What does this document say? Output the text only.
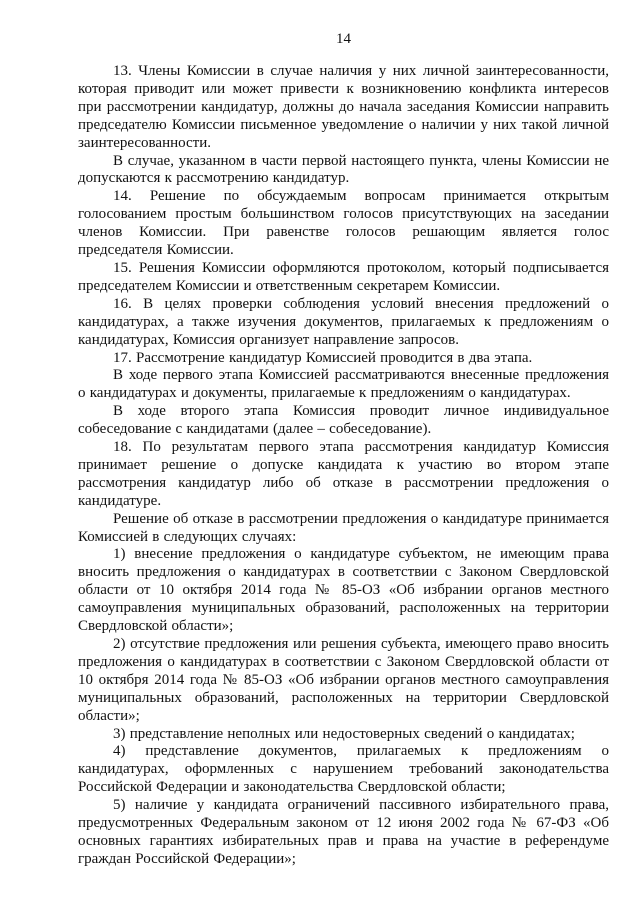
14

13. Члены Комиссии в случае наличия у них личной заинтересованности, которая приводит или может привести к возникновению конфликта интересов при рассмотрении кандидатур, должны до начала заседания Комиссии направить председателю Комиссии письменное уведомление о наличии у них такой личной заинтересованности.

В случае, указанном в части первой настоящего пункта, члены Комиссии не допускаются к рассмотрению кандидатур.

14. Решение по обсуждаемым вопросам принимается открытым голосованием простым большинством голосов присутствующих на заседании членов Комиссии. При равенстве голосов решающим является голос председателя Комиссии.

15. Решения Комиссии оформляются протоколом, который подписывается председателем Комиссии и ответственным секретарем Комиссии.

16. В целях проверки соблюдения условий внесения предложений о кандидатурах, а также изучения документов, прилагаемых к предложениям о кандидатурах, Комиссия организует направление запросов.

17. Рассмотрение кандидатур Комиссией проводится в два этапа.

В ходе первого этапа Комиссией рассматриваются внесенные предложения о кандидатурах и документы, прилагаемые к предложениям о кандидатурах.

В ходе второго этапа Комиссия проводит личное индивидуальное собеседование с кандидатами (далее – собеседование).

18. По результатам первого этапа рассмотрения кандидатур Комиссия принимает решение о допуске кандидата к участию во втором этапе рассмотрения кандидатур либо об отказе в рассмотрении предложения о кандидатуре.

Решение об отказе в рассмотрении предложения о кандидатуре принимается Комиссией в следующих случаях:

1) внесение предложения о кандидатуре субъектом, не имеющим права вносить предложения о кандидатурах в соответствии с Законом Свердловской области от 10 октября 2014 года № 85-ОЗ «Об избрании органов местного самоуправления муниципальных образований, расположенных на территории Свердловской области»;

2) отсутствие предложения или решения субъекта, имеющего право вносить предложения о кандидатурах в соответствии с Законом Свердловской области от 10 октября 2014 года № 85-ОЗ «Об избрании органов местного самоуправления муниципальных образований, расположенных на территории Свердловской области»;

3) представление неполных или недостоверных сведений о кандидатах;

4) представление документов, прилагаемых к предложениям о кандидатурах, оформленных с нарушением требований законодательства Российской Федерации и законодательства Свердловской области;

5) наличие у кандидата ограничений пассивного избирательного права, предусмотренных Федеральным законом от 12 июня 2002 года № 67-ФЗ «Об основных гарантиях избирательных прав и права на участие в референдуме граждан Российской Федерации»;
